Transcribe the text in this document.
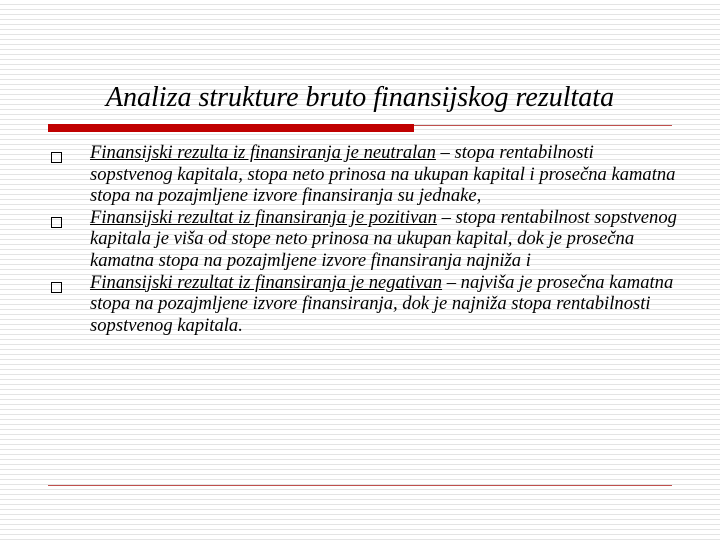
Analiza strukture bruto finansijskog rezultata
Finansijski rezulta iz finansiranja je neutralan – stopa rentabilnosti sopstvenog kapitala, stopa neto prinosa na ukupan kapital i prosečna kamatna stopa na pozajmljene izvore finansiranja su jednake,
Finansijski rezultat iz finansiranja je pozitivan – stopa rentabilnost sopstvenog kapitala je viša od stope neto prinosa na ukupan kapital, dok je prosečna kamatna stopa na pozajmljene izvore finansiranja najniža i
Finansijski rezultat iz finansiranja je negativan – najviša je prosečna kamatna stopa na pozajmljene izvore finansiranja, dok je najniža stopa rentabilnosti sopstvenog kapitala.
